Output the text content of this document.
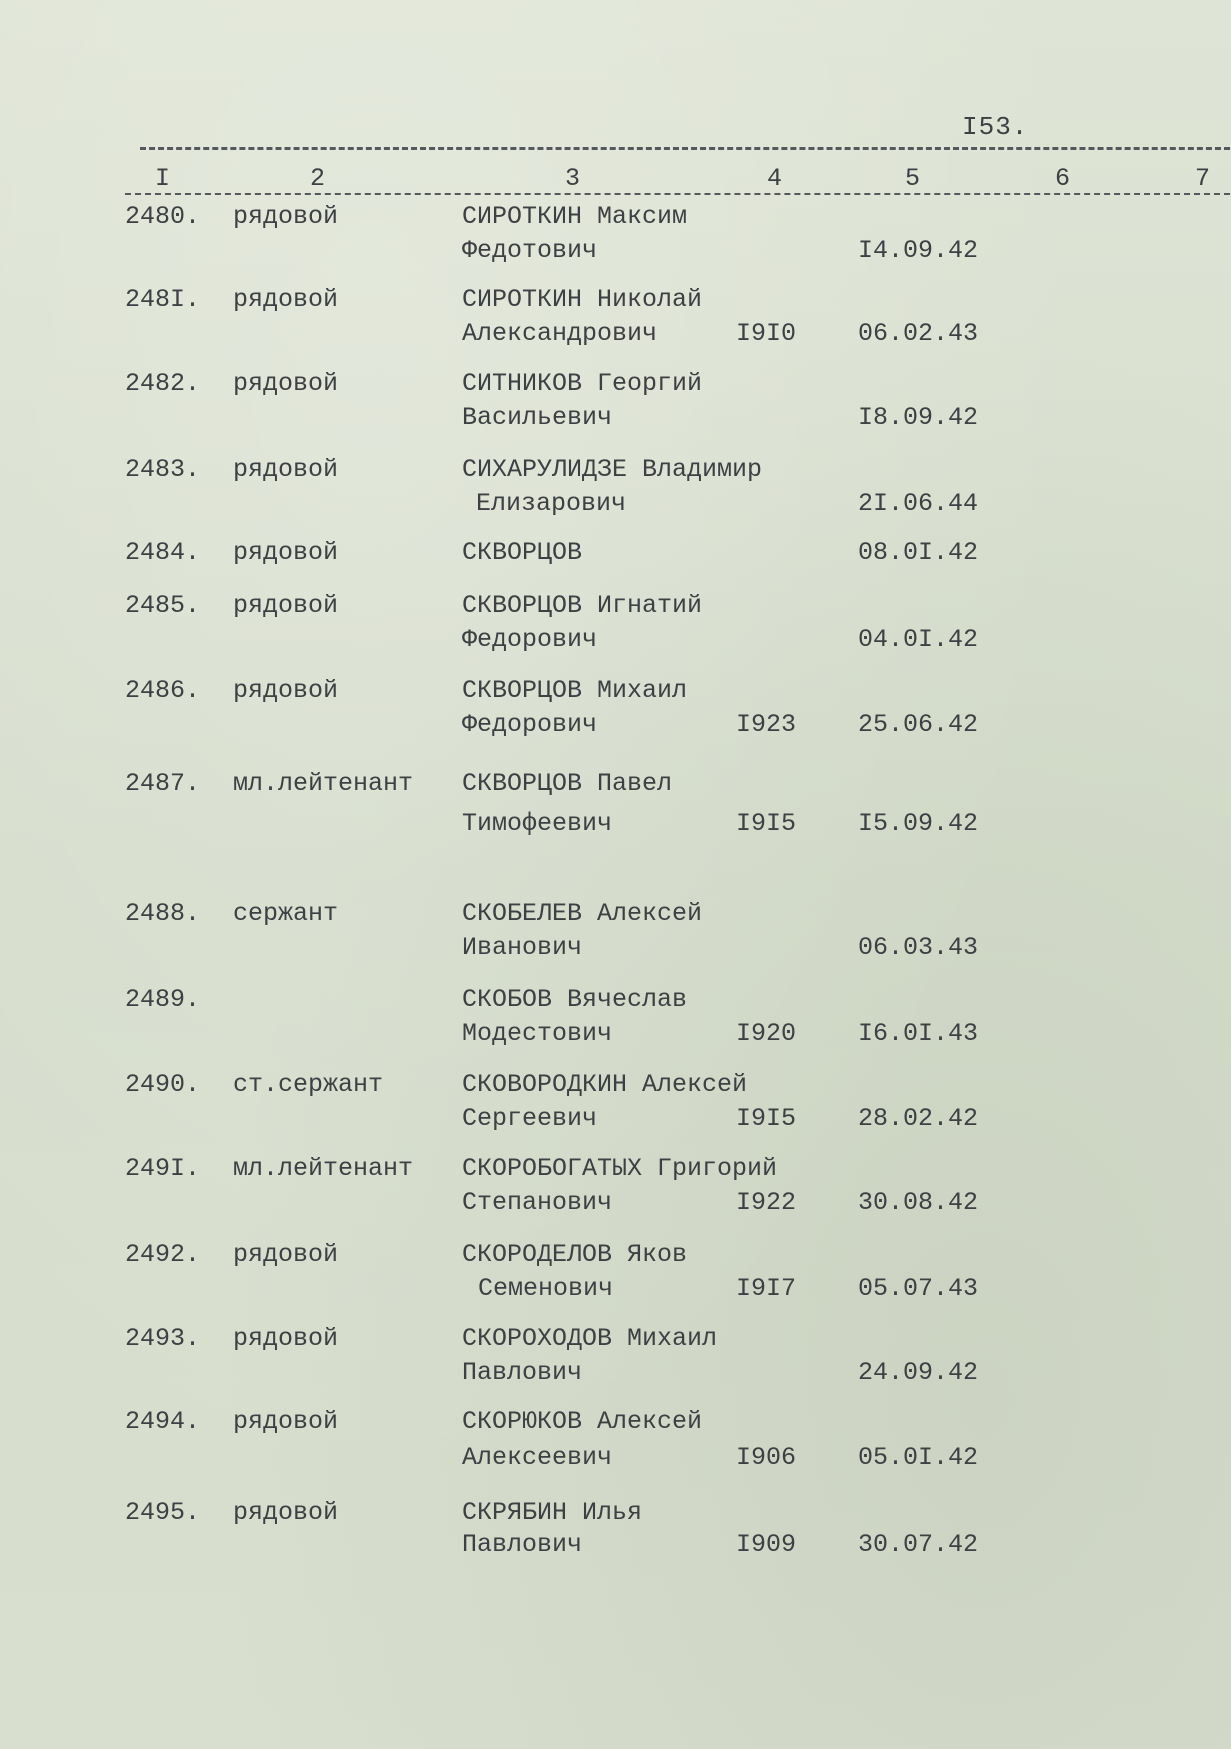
I53.
I	2	3	4	5	6	7
2480. рядовой	СИРОТКИН Максим
Федотович	I4.09.42
248I. рядовой	СИРОТКИН Николай
Александрович	I9I0 06.02.43
2482. рядовой	СИТНИКОВ Георгий
Васильевич	I8.09.42
2483. рядовой	СИХАРУЛИДЗЕ Владимир
Елизарович	2I.06.44
2484. рядовой	СКВОРЦОВ	08.0I.42
2485. рядовой	СКВОРЦОВ Игнатий
Федорович	04.0I.42
2486. рядовой	СКВОРЦОВ Михаил
Федорович	I923 25.06.42
2487. мл.лейтенант СКВОРЦОВ Павел
Тимофеевич	I9I5 I5.09.42
2488. сержант	СКОБЕЛЕВ Алексей
Иванович	06.03.43
2489.	СКОБОВ Вячеслав
Модестович	I920 I6.0I.43
2490. ст.сержант	СКОВОРОДКИН Алексей
Сергеевич	I9I5 28.02.42
249I. мл.лейтенант СКОРОБОГАТЫХ Григорий
Степанович	I922 30.08.42
2492. рядовой	СКОРОДЕЛОВ Яков
Семенович	I9I7 05.07.43
2493. рядовой	СКОРОХОДОВ Михаил
Павлович	24.09.42
2494. рядовой	СКОРЮКОВ Алексей
Алексеевич	I906 05.0I.42
2495. рядовой	СКРЯБИН Илья
Павлович	I909 30.07.42
